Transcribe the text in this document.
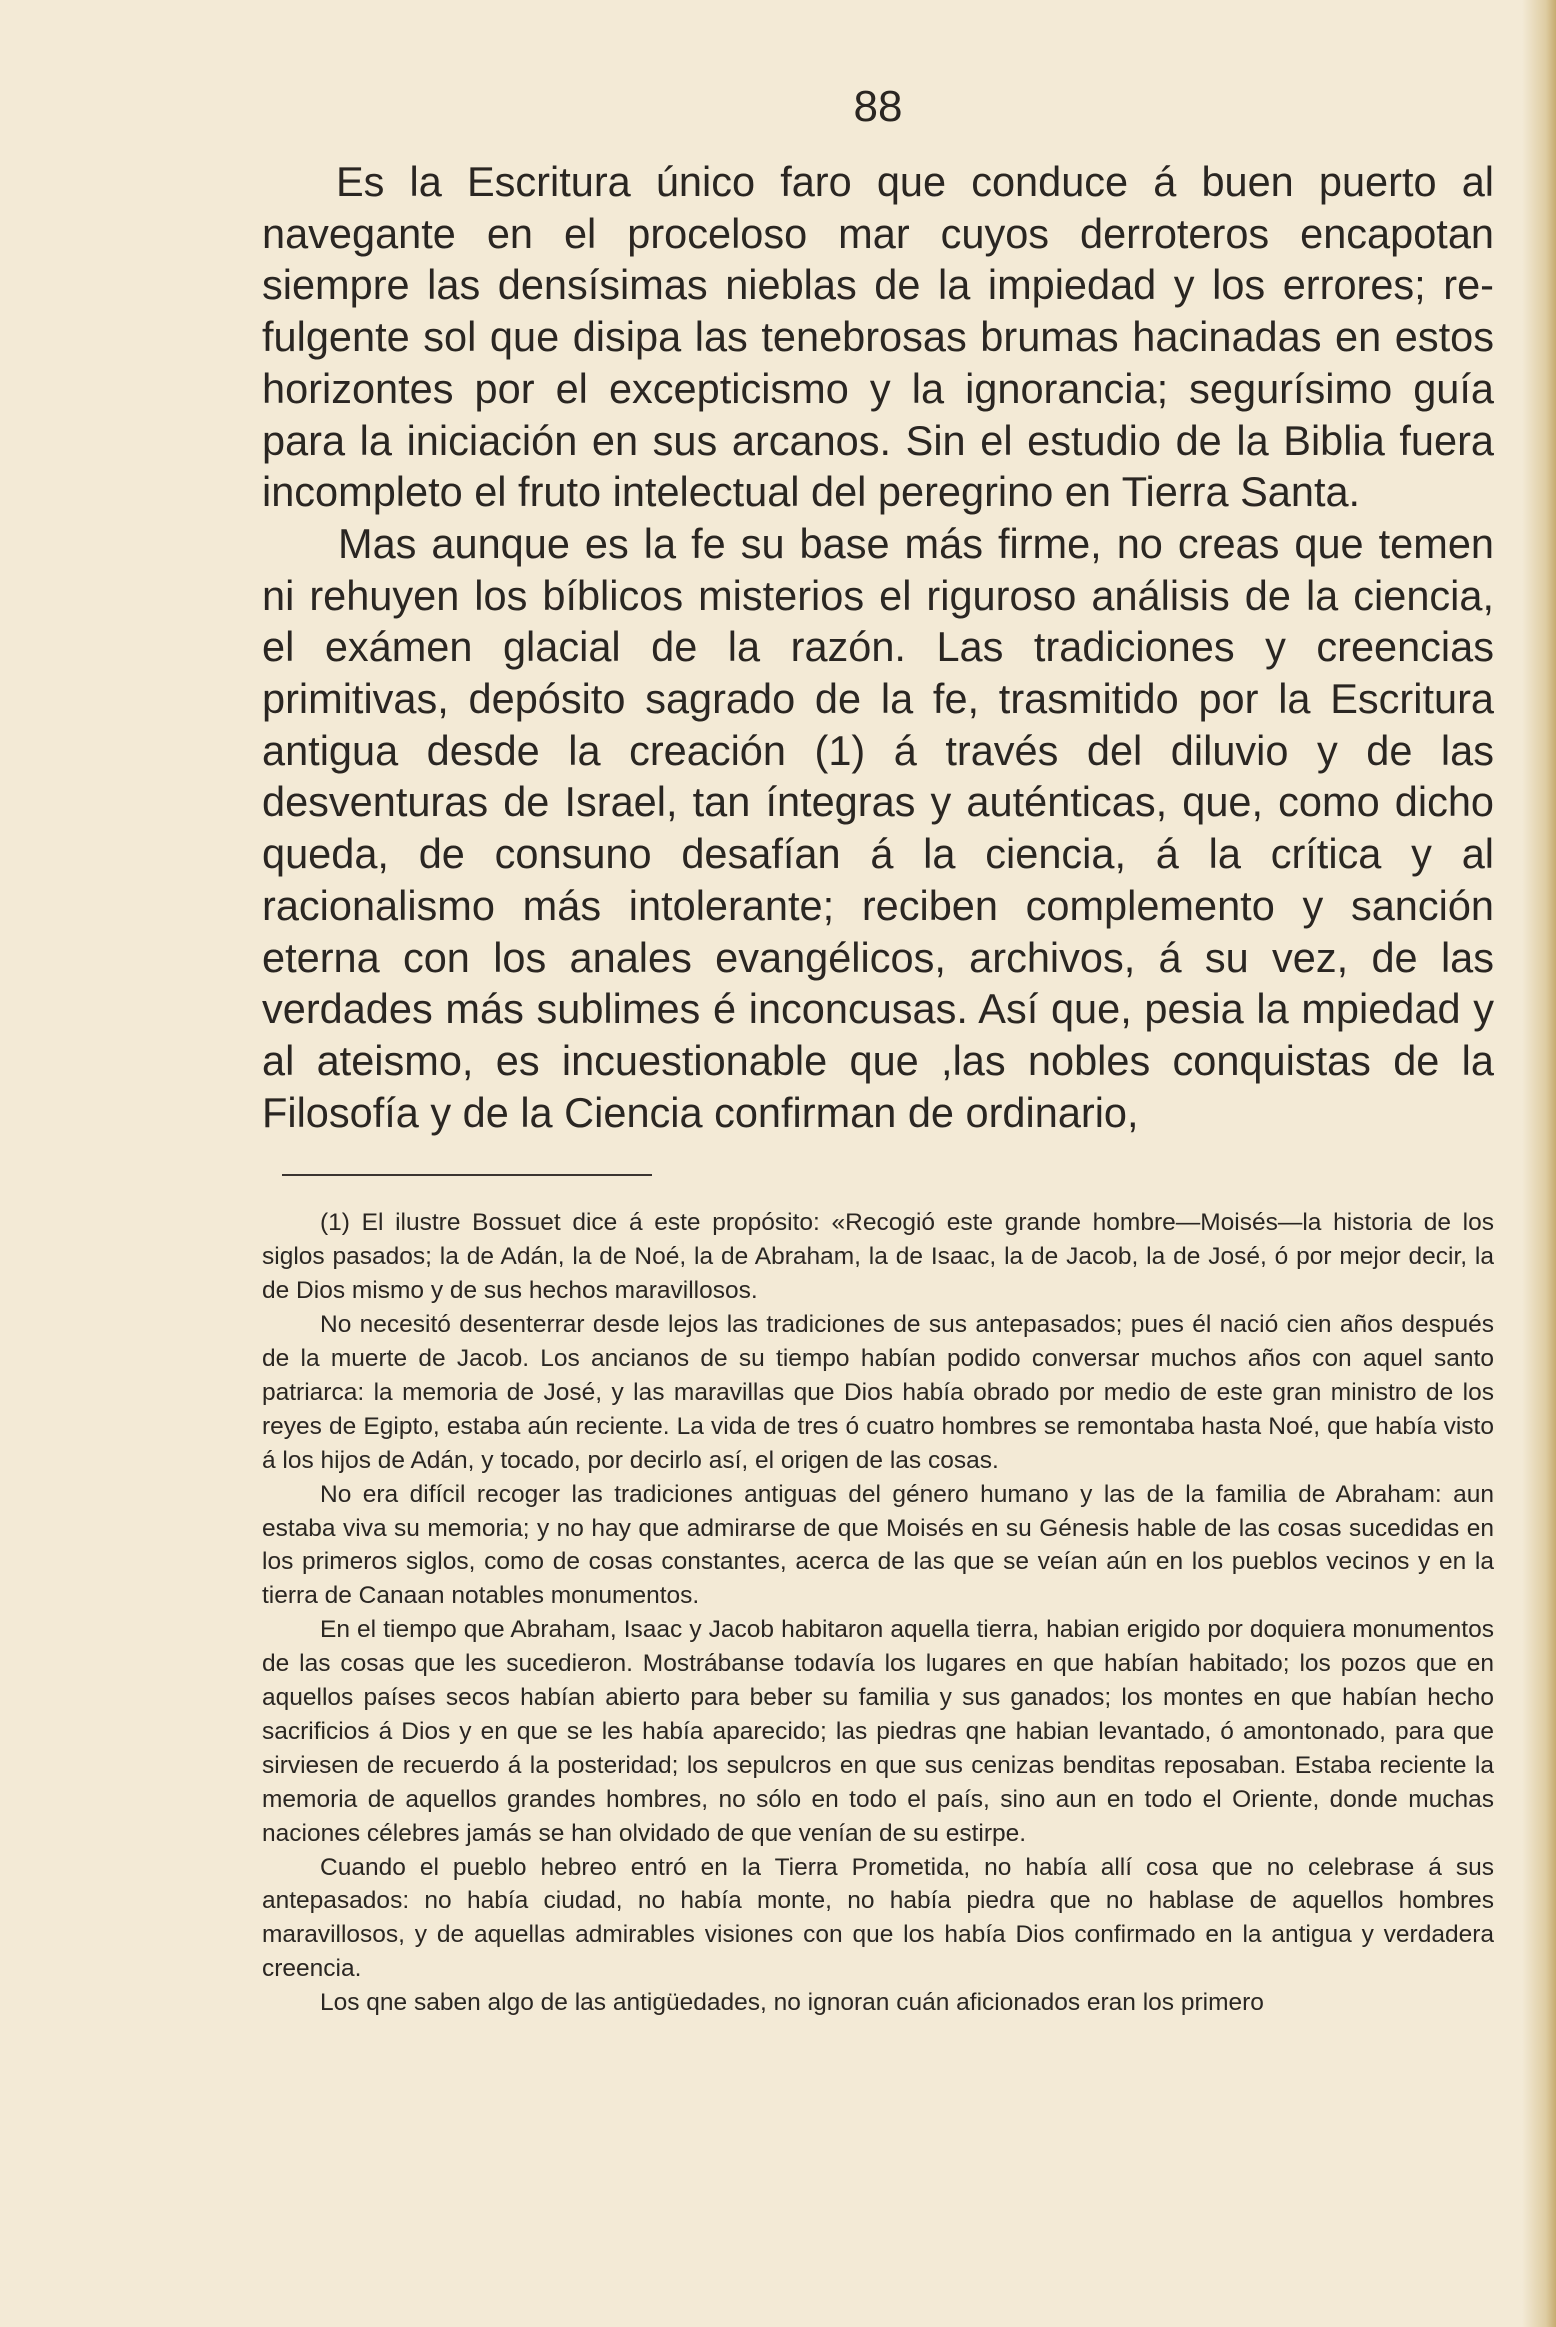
88

Es la Escritura único faro que conduce á buen puerto al navegante en el proceloso mar cuyos derroteros encapotan siempre las densísimas nieblas de la impiedad y los errores; refulgente sol que disipa las tenebrosas brumas hacinadas en estos horizontes por el excepticismo y la ignorancia; segurísimo guía para la iniciación en sus arcanos. Sin el estudio de la Biblia fuera incompleto el fruto intelectual del peregrino en Tierra Santa.

Mas aunque es la fe su base más firme, no creas que temen ni rehuyen los bíblicos misterios el riguroso análisis de la ciencia, el exámen glacial de la razón. Las tradiciones y creencias primitivas, depósito sagrado de la fe, trasmitido por la Escritura antigua desde la creación (1) á través del diluvio y de las desventuras de Israel, tan íntegras y auténticas, que, como dicho queda, de consuno desafían á la ciencia, á la crítica y al racionalismo más intolerante; reciben complemento y sanción eterna con los anales evangélicos, archivos, á su vez, de las verdades más sublimes é inconcusas. Así que, pesia la mpiedad y al ateismo, es incuestionable que ,las nobles conquistas de la Filosofía y de la Ciencia confirman de ordinario,

(1) El ilustre Bossuet dice á este propósito: «Recogió este grande hombre—Moisés—la historia de los siglos pasados; la de Adán, la de Noé, la de Abraham, la de Isaac, la de Jacob, la de José, ó por mejor decir, la de Dios mismo y de sus hechos maravillosos.

No necesitó desenterrar desde lejos las tradiciones de sus antepasados; pues él nació cien años después de la muerte de Jacob. Los ancianos de su tiempo habían podido conversar muchos años con aquel santo patriarca: la memoria de José, y las maravillas que Dios había obrado por medio de este gran ministro de los reyes de Egipto, estaba aún reciente. La vida de tres ó cuatro hombres se remontaba hasta Noé, que había visto á los hijos de Adán, y tocado, por decirlo así, el origen de las cosas.

No era difícil recoger las tradiciones antiguas del género humano y las de la familia de Abraham: aun estaba viva su memoria; y no hay que admirarse de que Moisés en su Génesis hable de las cosas sucedidas en los primeros siglos, como de cosas constantes, acerca de las que se veían aún en los pueblos vecinos y en la tierra de Canaan notables monumentos.

En el tiempo que Abraham, Isaac y Jacob habitaron aquella tierra, habian erigido por doquiera monumentos de las cosas que les sucedieron. Mostrábanse todavía los lugares en que habían habitado; los pozos que en aquellos países secos habían abierto para beber su familia y sus ganados; los montes en que habían hecho sacrificios á Dios y en que se les había aparecido; las piedras qne habian levantado, ó amontonado, para que sirviesen de recuerdo á la posteridad; los sepulcros en que sus cenizas benditas reposaban. Estaba reciente la memoria de aquellos grandes hombres, no sólo en todo el país, sino aun en todo el Oriente, donde muchas naciones célebres jamás se han olvidado de que venían de su estirpe.

Cuando el pueblo hebreo entró en la Tierra Prometida, no había allí cosa que no celebrase á sus antepasados: no había ciudad, no había monte, no había piedra que no hablase de aquellos hombres maravillosos, y de aquellas admirables visiones con que los había Dios confirmado en la antigua y verdadera creencia.

Los qne saben algo de las antigüedades, no ignoran cuán aficionados eran los primero
